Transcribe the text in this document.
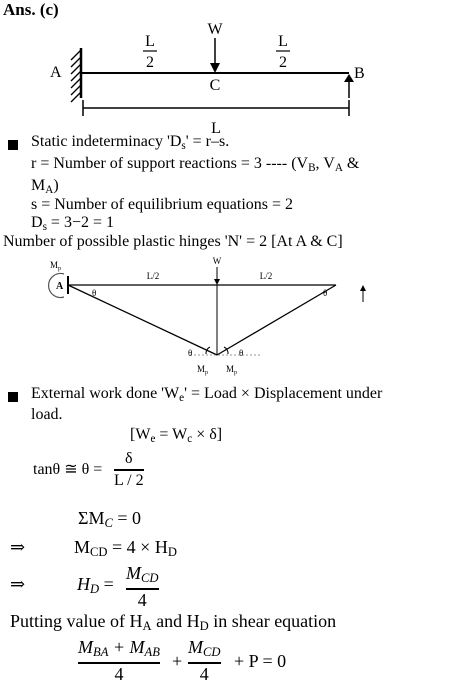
Ans. (c)
L
2
L
2
W
A
C
B
L
Static indeterminacy '$D_s' = r-s$.
r = Number of support reactions = 3 ---- ($V_B$, $V_A$ &
$M_A$)
s = Number of equilibrium equations = 2
$D_s = 3-2 = 1$
Number of possible plastic hinges 'N' = 2 [At A & C]
A
$M_p$
W
L/2	L/2
θ	θ
θ	θ
$M_p$ $M_p$
External work done '$W_e$' = Load × Displacement under
load.
$[W_e = W_c \times \delta]$
tanθ ≅ θ =
δ
L / 2
$\Sigma M_C = 0$
⇒	$M_{CD} = 4 \times H_D$
⇒	$H_D$ =
$M_{CD}$
4
Putting value of $H_A$ and $H_D$ in shear equation
$M_{BA} + M_{AB}$
4
+
$M_{CD}$
4
+ P = 0
